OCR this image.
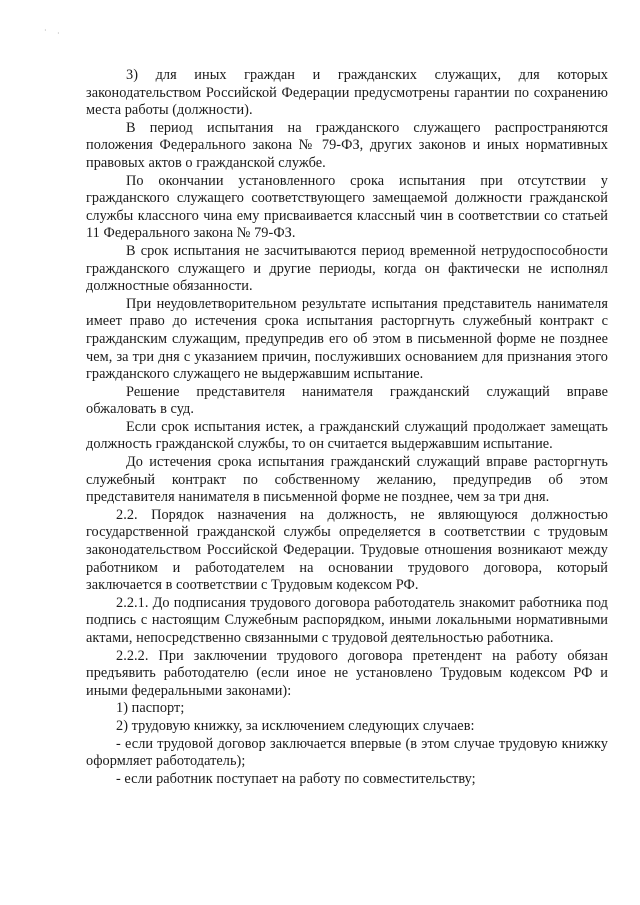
· ·

3) для иных граждан и гражданских служащих, для которых законодательством Российской Федерации предусмотрены гарантии по сохранению места работы (должности).

В период испытания на гражданского служащего распространяются положения Федерального закона № 79-ФЗ, других законов и иных нормативных правовых актов о гражданской службе.

По окончании установленного срока испытания при отсутствии у гражданского служащего соответствующего замещаемой должности гражданской службы классного чина ему присваивается классный чин в соответствии со статьей 11 Федерального закона № 79-ФЗ.

В срок испытания не засчитываются период временной нетрудоспособности гражданского служащего и другие периоды, когда он фактически не исполнял должностные обязанности.

При неудовлетворительном результате испытания представитель нанимателя имеет право до истечения срока испытания расторгнуть служебный контракт с гражданским служащим, предупредив его об этом в письменной форме не позднее чем, за три дня с указанием причин, послуживших основанием для признания этого гражданского служащего не выдержавшим испытание.

Решение представителя нанимателя гражданский служащий вправе обжаловать в суд.

Если срок испытания истек, а гражданский служащий продолжает замещать должность гражданской службы, то он считается выдержавшим испытание.

До истечения срока испытания гражданский служащий вправе расторгнуть служебный контракт по собственному желанию, предупредив об этом представителя нанимателя в письменной форме не позднее, чем за три дня.

2.2. Порядок назначения на должность, не являющуюся должностью государственной гражданской службы определяется в соответствии с трудовым законодательством Российской Федерации. Трудовые отношения возникают между работником и работодателем на основании трудового договора, который заключается в соответствии с Трудовым кодексом РФ.

2.2.1. До подписания трудового договора работодатель знакомит работника под подпись с настоящим Служебным распорядком, иными локальными нормативными актами, непосредственно связанными с трудовой деятельностью работника.

2.2.2. При заключении трудового договора претендент на работу обязан предъявить работодателю (если иное не установлено Трудовым кодексом РФ и иными федеральными законами):

1) паспорт;

2) трудовую книжку, за исключением следующих случаев:

- если трудовой договор заключается впервые (в этом случае трудовую книжку оформляет работодатель);

- если работник поступает на работу по совместительству;
